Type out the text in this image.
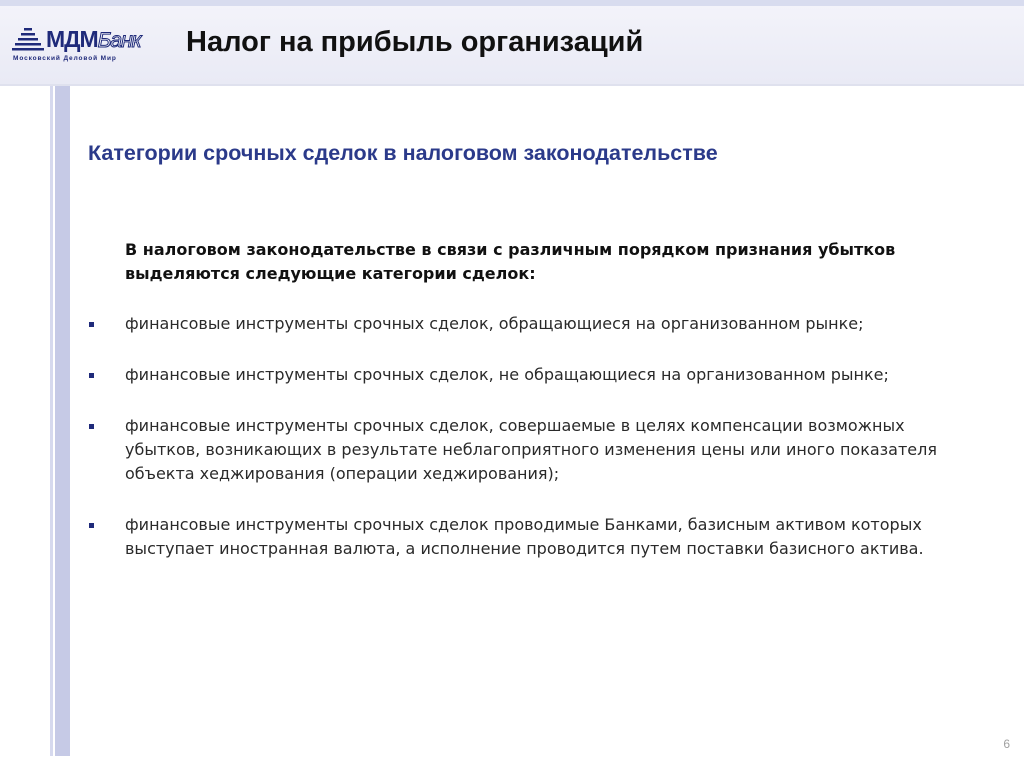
МДМБанк
Московский Деловой Мир
Налог на прибыль организаций
Категории срочных сделок в налоговом законодательстве
В налоговом законодательстве в связи с различным порядком признания убытков выделяются следующие категории сделок:
финансовые инструменты срочных сделок, обращающиеся на организованном рынке;
финансовые инструменты срочных сделок, не обращающиеся на организованном рынке;
финансовые инструменты срочных сделок, совершаемые в целях компенсации возможных убытков, возникающих в результате неблагоприятного изменения цены или иного показателя объекта хеджирования (операции хеджирования);
финансовые инструменты срочных сделок проводимые Банками, базисным активом которых выступает иностранная валюта, а исполнение проводится путем поставки базисного актива.
6
